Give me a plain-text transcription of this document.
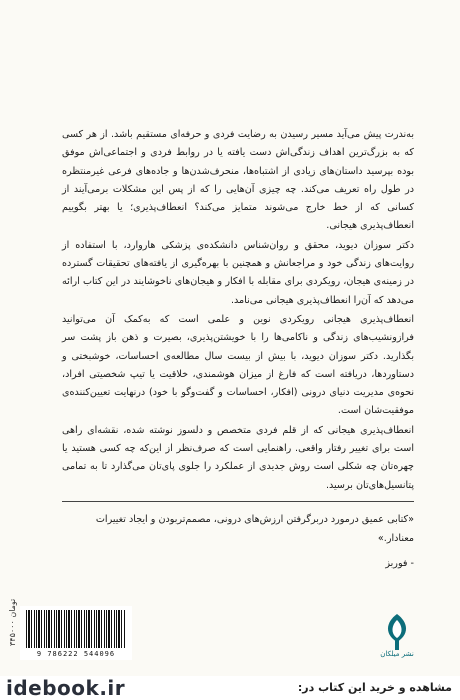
به‌ندرت پیش می‌آید مسیر رسیدن به رضایت فردی و حرفه‌ای مستقیم باشد. از هر کسی که به بزرگ‌ترین اهداف زندگی‌اش دست یافته یا در روابط فردی و اجتماعی‌اش موفق بوده بپرسید داستان‌های زیادی از اشتباه‌ها، منحرف‌شدن‌ها و جاده‌های فرعی غیرمنتظره در طول راه تعریف می‌کند. چه چیزی آن‌هایی را که از پس این مشکلات برمی‌آیند از کسانی که از خط خارج می‌شوند متمایز می‌کند؟ انعطاف‌پذیری؛ یا بهتر بگوییم انعطاف‌پذیری هیجانی.

دکتر سوزان دیوید، محقق و روان‌شناس دانشکده‌ی پزشکی هاروارد، با استفاده از روایت‌های زندگی خود و مراجعانش و همچنین با بهره‌گیری از یافته‌های تحقیقات گسترده در زمینه‌ی هیجان، رویکردی برای مقابله با افکار و هیجان‌های ناخوشایند در این کتاب ارائه می‌دهد که آن‌را انعطاف‌پذیری هیجانی می‌نامد.

انعطاف‌پذیری هیجانی رویکردی نوین و علمی است که به‌کمک آن می‌توانید فرازونشیب‌های زندگی و ناکامی‌ها را با خویشتن‌پذیری، بصیرت و ذهن باز پشت سر بگذارید. دکتر سوزان دیوید، با بیش از بیست سال مطالعه‌ی احساسات، خوشبختی و دستاوردها، دریافته است که فارغ از میزان هوشمندی، خلاقیت یا تیپ شخصیتی افراد، نحوه‌ی مدیریت دنیای درونی (افکار، احساسات و گفت‌وگو با خود) درنهایت تعیین‌کننده‌ی موفقیت‌شان است.

انعطاف‌پذیری هیجانی که از قلم فردی متخصص و دلسوز نوشته شده، نقشه‌ای راهی است برای تغییر رفتار واقعی. راهنمایی است که صرف‌نظر از این‌که چه کسی هستید یا چهره‌تان چه شکلی است روش جدیدی از عملکرد را جلوی پای‌تان می‌گذارد تا به تمامی پتانسیل‌های‌تان برسید.

«کتابی عمیق درمورد دربرگرفتن ارزش‌های درونی، مصمم‌تربودن و ایجاد تغییرات معنادار.»
- فوربز
۳۴۵۰۰۰ تومان
9 786222 544096	نشر میلکان
idebook.ir	مشاهده و خرید این کتاب در:
